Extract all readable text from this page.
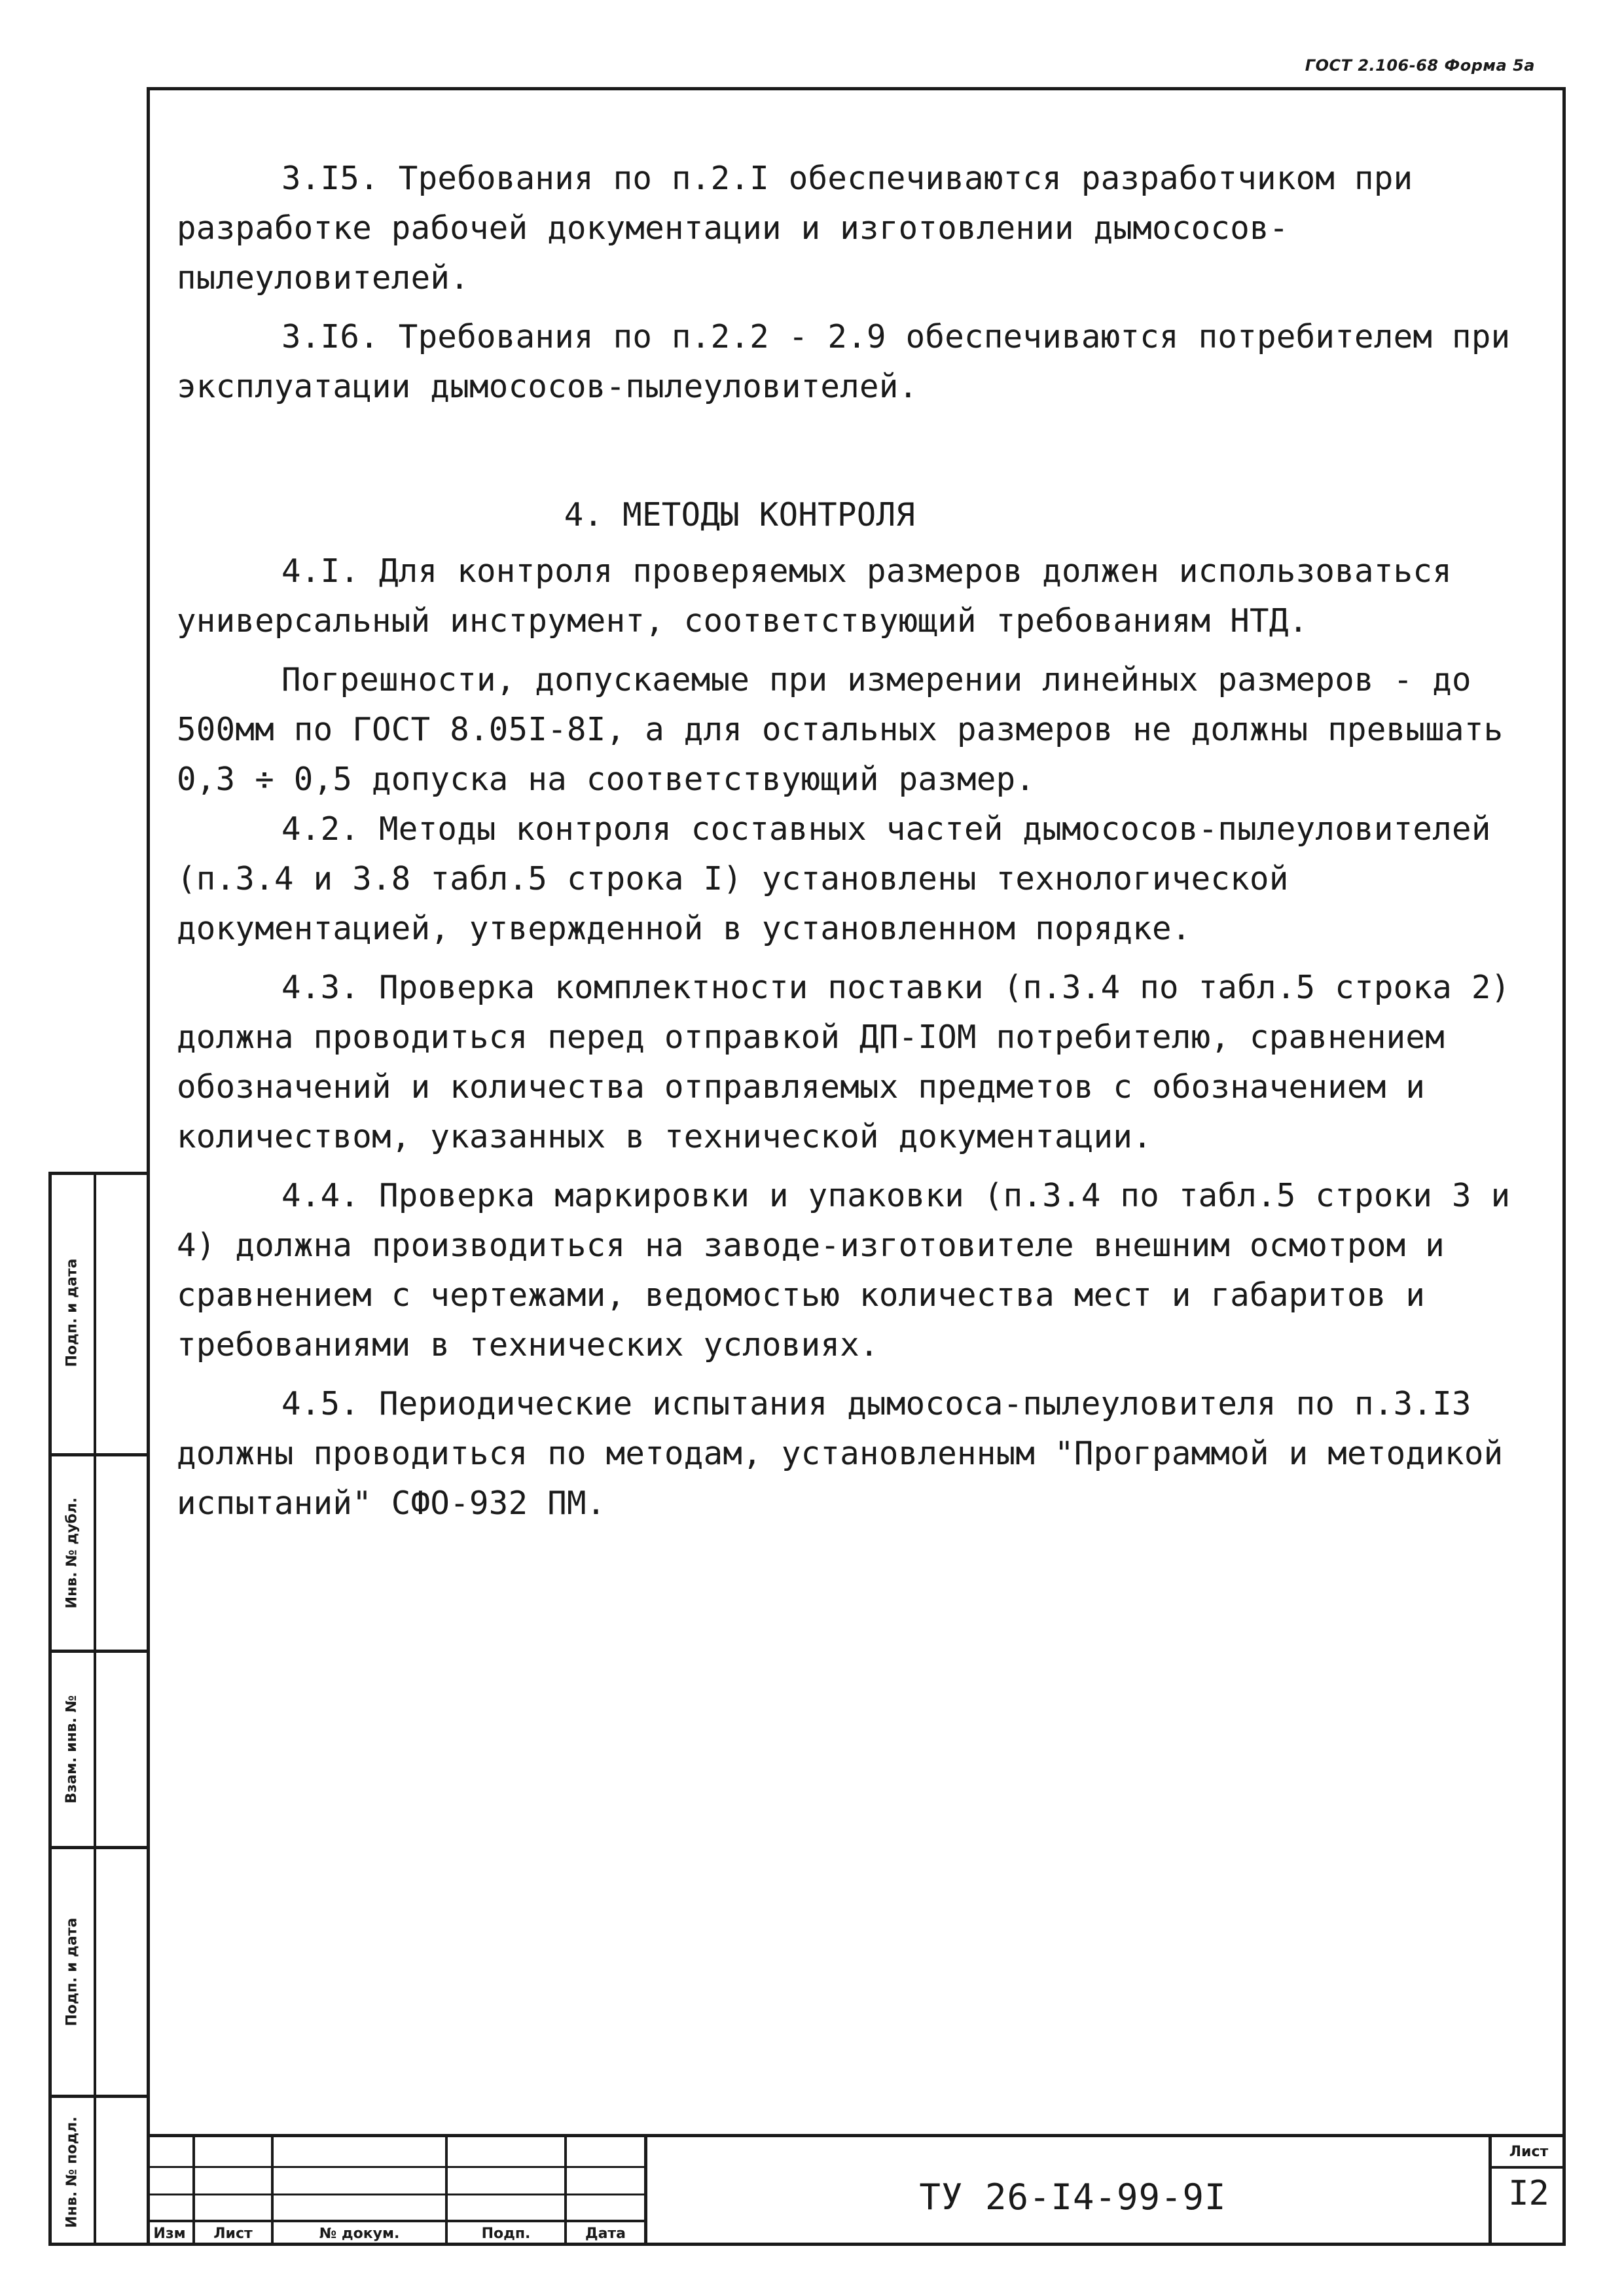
ГОСТ 2.106-68 Форма 5а

3.I5. Требования по п.2.I обеспечиваются разработчиком при разработке рабочей документации и изготовлении дымососов-пылеуловителей.

3.I6. Требования по п.2.2 - 2.9 обеспечиваются потребителем при эксплуатации дымососов-пылеуловителей.

4. МЕТОДЫ КОНТРОЛЯ

4.I. Для контроля проверяемых размеров должен использоваться универсальный инструмент, соответствующий требованиям НТД.

Погрешности, допускаемые при измерении линейных размеров - до 500мм по ГОСТ 8.05I-8I, а для остальных размеров не должны превышать 0,3 ÷ 0,5 допуска на соответствующий размер.

4.2. Методы контроля составных частей дымососов-пылеуловителей (п.3.4 и 3.8 табл.5 строка I) установлены технологической документацией, утвержденной в установленном порядке.

4.3. Проверка комплектности поставки (п.3.4 по табл.5 строка 2) должна проводиться перед отправкой ДП-IОМ потребителю, сравнением обозначений и количества отправляемых предметов с обозначением и количеством, указанных в технической документации.

4.4. Проверка маркировки и упаковки (п.3.4 по табл.5 строки 3 и 4) должна производиться на заводе-изготовителе внешним осмотром и сравнением с чертежами, ведомостью количества мест и габаритов и требованиями в технических условиях.

4.5. Периодические испытания дымососа-пылеуловителя по п.3.I3 должны проводиться по методам, установленным "Программой и методикой испытаний" СФО-932 ПМ.

Подп. и дата
Инв. № дубл.
Взам. инв. №
Подп. и дата
Инв. № подл.
Изм	Лист	№ докум.	Подп.	Дата
ТУ 26-I4-99-9I
Лист
I2
